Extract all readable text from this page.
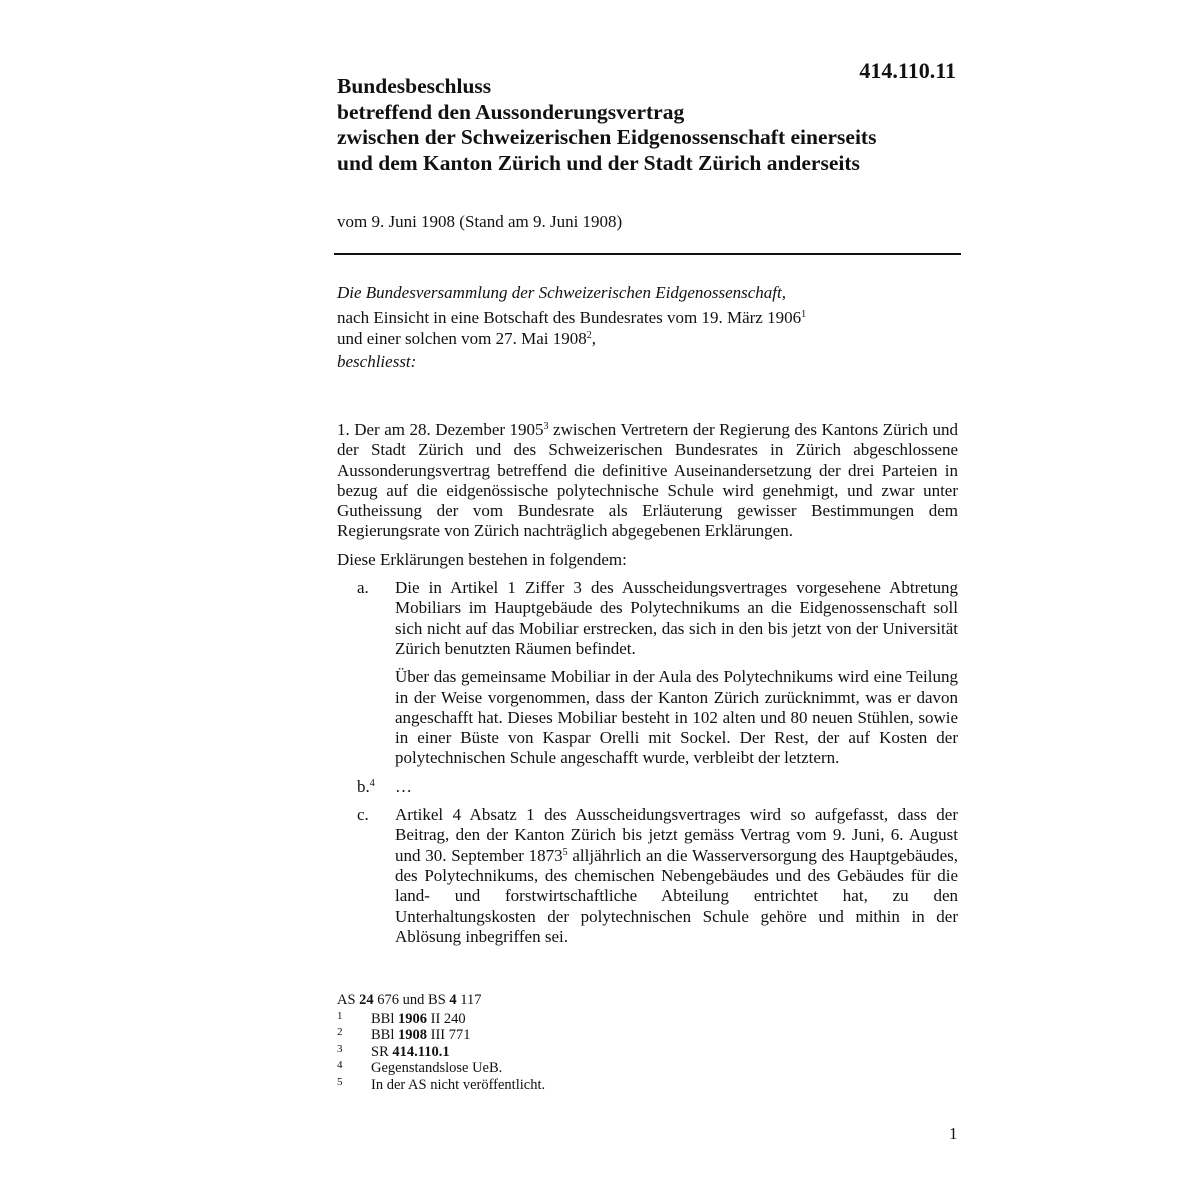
414.110.11
Bundesbeschluss
betreffend den Aussonderungsvertrag
zwischen der Schweizerischen Eidgenossenschaft einerseits
und dem Kanton Zürich und der Stadt Zürich anderseits
vom 9. Juni 1908 (Stand am 9. Juni 1908)

Die Bundesversammlung der Schweizerischen Eidgenossenschaft,

nach Einsicht in eine Botschaft des Bundesrates vom 19. März 1906$^1$
und einer solchen vom 27. Mai 1908$^2$,

beschliesst:

1. Der am 28. Dezember 1905$^3$ zwischen Vertretern der Regierung des Kantons Zürich und der Stadt Zürich und des Schweizerischen Bundesrates in Zürich abgeschlossene Aussonderungsvertrag betreffend die definitive Auseinandersetzung der drei Parteien in bezug auf die eidgenössische polytechnische Schule wird genehmigt, und zwar unter Gutheissung der vom Bundesrate als Erläuterung gewisser Bestimmungen dem Regierungsrate von Zürich nachträglich abgegebenen Erklärungen.

Diese Erklärungen bestehen in folgendem:

a. Die in Artikel 1 Ziffer 3 des Ausscheidungsvertrages vorgesehene Abtretung Mobiliars im Hauptgebäude des Polytechnikums an die Eidgenossenschaft soll sich nicht auf das Mobiliar erstrecken, das sich in den bis jetzt von der Universität Zürich benutzten Räumen befindet.

Über das gemeinsame Mobiliar in der Aula des Polytechnikums wird eine Teilung in der Weise vorgenommen, dass der Kanton Zürich zurücknimmt, was er davon angeschafft hat. Dieses Mobiliar besteht in 102 alten und 80 neuen Stühlen, sowie in einer Büste von Kaspar Orelli mit Sockel. Der Rest, der auf Kosten der polytechnischen Schule angeschafft wurde, verbleibt der letztern.

b.$^4$ …

c. Artikel 4 Absatz 1 des Ausscheidungsvertrages wird so aufgefasst, dass der Beitrag, den der Kanton Zürich bis jetzt gemäss Vertrag vom 9. Juni, 6. August und 30. September 1873$^5$ alljährlich an die Wasserversorgung des Hauptgebäudes, des Polytechnikums, des chemischen Nebengebäudes und des Gebäudes für die land- und forstwirtschaftliche Abteilung entrichtet hat, zu den Unterhaltungskosten der polytechnischen Schule gehöre und mithin in der Ablösung inbegriffen sei.

AS 24 676 und BS 4 117
1 BBl 1906 II 240
2 BBl 1908 III 771
3 SR 414.110.1
4 Gegenstandslose UeB.
5 In der AS nicht veröffentlicht.
1
